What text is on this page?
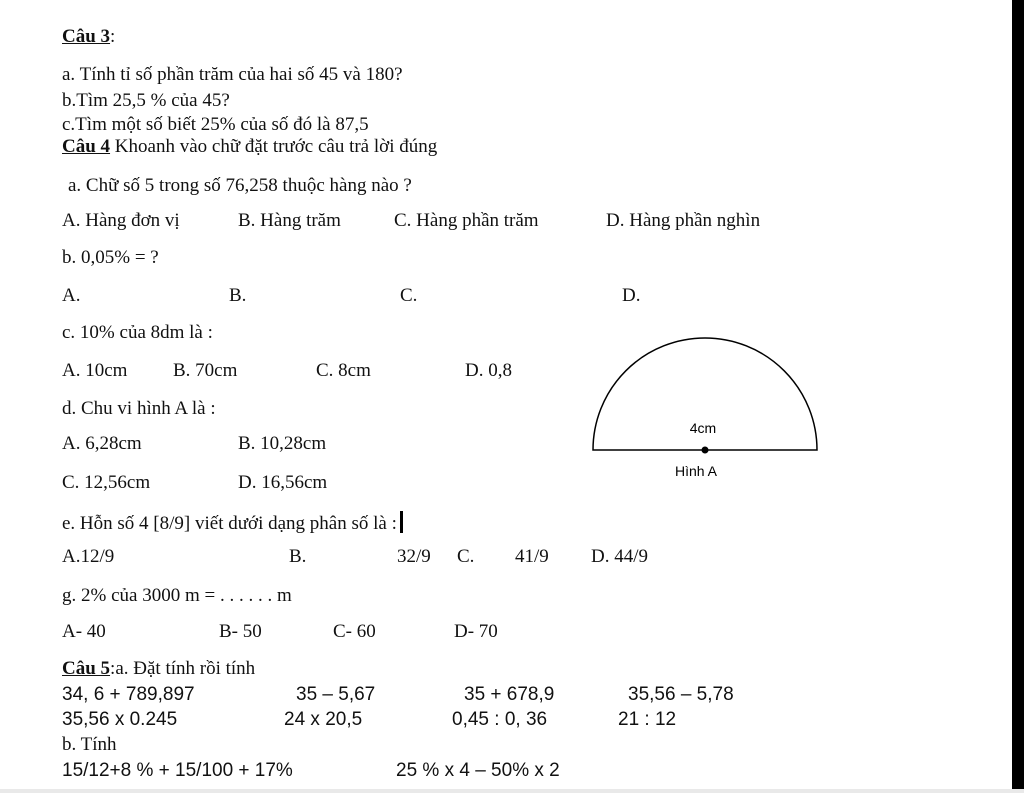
Câu 3:
a. Tính tỉ số phần trăm của hai số 45 và 180?
b.Tìm 25,5 % của 45?
c.Tìm một số biết 25% của số đó là 87,5
Câu 4 Khoanh vào chữ đặt trước câu trả lời đúng
a. Chữ số 5 trong số 76,258 thuộc hàng nào ?
A. Hàng đơn vị	B. Hàng trăm	C. Hàng phần trăm	D. Hàng phần nghìn
b. 0,05% = ?
A.	B.	C.	D.
c. 10% của 8dm là :
A. 10cm B. 70cm	C. 8cm	D. 0,8
d. Chu vi hình A là :
A. 6,28cm	B. 10,28cm
C. 12,56cm	D. 16,56cm
e. Hỗn số 4 [8/9] viết dưới dạng phân số là :
A.12/9	B.	32/9 C. 41/9 D. 44/9
g. 2% của 3000 m = . . . . . . m
A- 40	B- 50	C- 60	D- 70
4cm
Hình A
Câu 5:a. Đặt tính rồi tính
34, 6 + 789,897	35 – 5,67	35 + 678,9	35,56 – 5,78
35,56 x 0.245	24 x 20,5	0,45 : 0, 36	21 : 12
b. Tính
15/12+8 % + 15/100 + 17%	25 % x 4 – 50% x 2
